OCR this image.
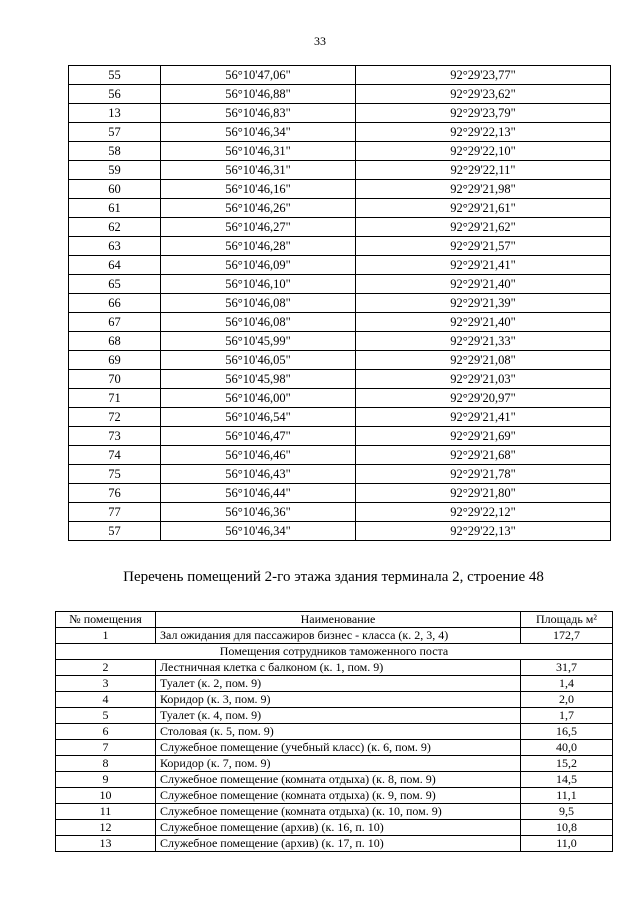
33
55	56°10'47,06"	92°29'23,77"
56	56°10'46,88"	92°29'23,62"
13	56°10'46,83"	92°29'23,79"
57	56°10'46,34"	92°29'22,13"
58	56°10'46,31"	92°29'22,10"
59	56°10'46,31"	92°29'22,11"
60	56°10'46,16"	92°29'21,98"
61	56°10'46,26"	92°29'21,61"
62	56°10'46,27"	92°29'21,62"
63	56°10'46,28"	92°29'21,57"
64	56°10'46,09"	92°29'21,41"
65	56°10'46,10"	92°29'21,40"
66	56°10'46,08"	92°29'21,39"
67	56°10'46,08"	92°29'21,40"
68	56°10'45,99"	92°29'21,33"
69	56°10'46,05"	92°29'21,08"
70	56°10'45,98"	92°29'21,03"
71	56°10'46,00"	92°29'20,97"
72	56°10'46,54"	92°29'21,41"
73	56°10'46,47"	92°29'21,69"
74	56°10'46,46"	92°29'21,68"
75	56°10'46,43"	92°29'21,78"
76	56°10'46,44"	92°29'21,80"
77	56°10'46,36"	92°29'22,12"
57	56°10'46,34"	92°29'22,13"
Перечень помещений 2-го этажа здания терминала 2, строение 48
№ помещения	Наименование	Площадь м²
1	Зал ожидания для пассажиров бизнес - класса (к. 2, 3, 4)	172,7
Помещения сотрудников таможенного поста		
2	Лестничная клетка с балконом (к. 1, пом. 9)	31,7
3	Туалет (к. 2, пом. 9)	1,4
4	Коридор (к. 3, пом. 9)	2,0
5	Туалет (к. 4, пом. 9)	1,7
6	Столовая (к. 5, пом. 9)	16,5
7	Служебное помещение (учебный класс) (к. 6, пом. 9)	40,0
8	Коридор (к. 7, пом. 9)	15,2
9	Служебное помещение (комната отдыха) (к. 8, пом. 9)	14,5
10	Служебное помещение (комната отдыха) (к. 9, пом. 9)	11,1
11	Служебное помещение (комната отдыха) (к. 10, пом. 9)	9,5
12	Служебное помещение (архив) (к. 16, п. 10)	10,8
13	Служебное помещение (архив) (к. 17, п. 10)	11,0
